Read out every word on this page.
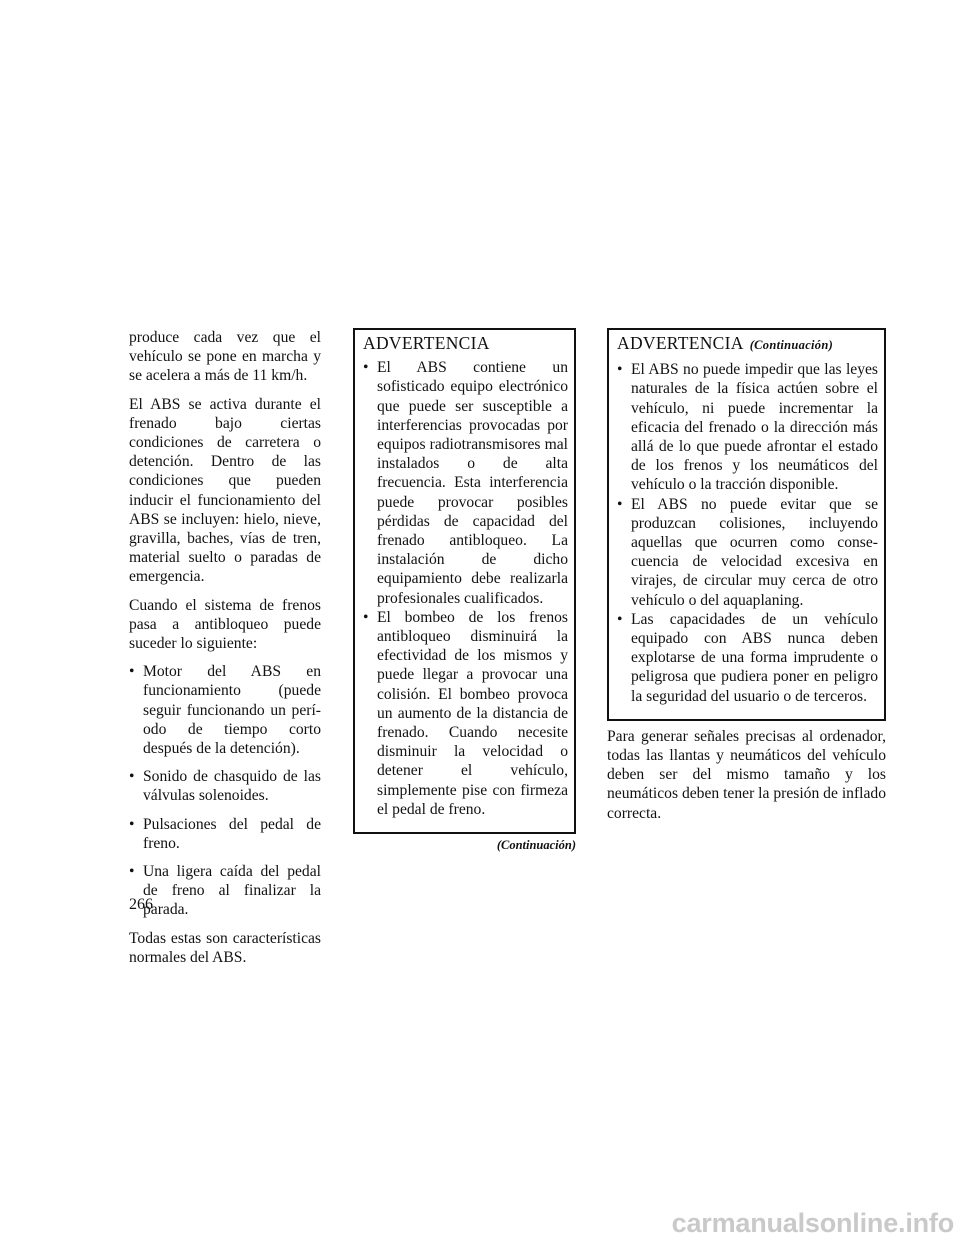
produce cada vez que el vehículo se pone en marcha y se acelera a más de 11 km/h.

El ABS se activa durante el frenado bajo ciertas condiciones de carretera o detención. Dentro de las condiciones que pueden inducir el funcionamiento del ABS se incluyen: hielo, nieve, gravilla, baches, vías de tren, material suelto o paradas de emergencia.

Cuando el sistema de frenos pasa a antibloqueo puede suceder lo siguiente:

• Motor del ABS en funcionamiento (puede seguir funcionando un período de tiempo corto después de la detención).
• Sonido de chasquido de las válvulas solenoides.
• Pulsaciones del pedal de freno.
• Una ligera caída del pedal de freno al finalizar la parada.

Todas estas son características normales del ABS.

ADVERTENCIA
• El ABS contiene un sofisticado equipo electrónico que puede ser susceptible a interferencias provocadas por equipos radiotransmisores mal instalados o de alta frecuencia. Esta interferencia puede provocar posibles pérdidas de capacidad del frenado antibloqueo. La instalación de dicho equipamiento debe realizarla profesionales cualificados.
• El bombeo de los frenos antibloqueo disminuirá la efectividad de los mismos y puede llegar a provocar una colisión. El bombeo provoca un aumento de la distancia de frenado. Cuando necesite disminuir la velocidad o detener el vehículo, simplemente pise con firmeza el pedal de freno.
(Continuación)
ADVERTENCIA (Continuación)
• El ABS no puede impedir que las leyes naturales de la física actúen sobre el vehículo, ni puede incrementar la eficacia del frenado o la dirección más allá de lo que puede afrontar el estado de los frenos y los neumáticos del vehículo o la tracción disponible.
• El ABS no puede evitar que se produzcan colisiones, incluyendo aquellas que ocurren como consecuencia de velocidad excesiva en virajes, de circular muy cerca de otro vehículo o del aquaplaning.
• Las capacidades de un vehículo equipado con ABS nunca deben explotarse de una forma imprudente o peligrosa que pudiera poner en peligro la seguridad del usuario o de terceros.

Para generar señales precisas al ordenador, todas las llantas y neumáticos del vehículo deben ser del mismo tamaño y los neumáticos deben tener la presión de inflado correcta.

266
carmanualsonline.info
